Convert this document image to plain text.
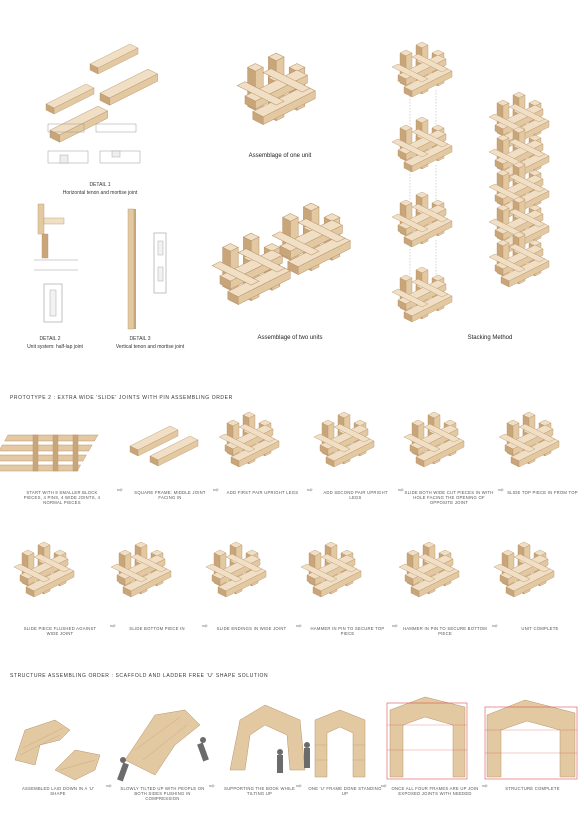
DETAIL 1
Horizontal tenon and mortise joint
DETAIL 2
Unit system: half-lap joint
DETAIL 3
Vertical tenon and mortise joint
Assemblage of one unit
Assemblage of two units	Stacking Method
PROTOTYPE 2 : EXTRA WIDE 'SLIDE' JOINTS WITH PIN ASSEMBLING ORDER
START WITH 8 SMALLER BLOCK PIECES, 4 PINS, 4 WIDE JOINTS, 4 NORMAL PIECES
SQUARE FRAME: MIDDLE JOINT FACING IN
ADD FIRST PAIR UPRIGHT LEGS	ADD SECOND PAIR UPRIGHT LEGS
SLIDE BOTH WIDE CUT PIECES IN WITH HOLE FACING THE OPENING OF OPPOSITE JOINT
SLIDE TOP PIECE IN FROM TOP
⇨	⇨	⇨	⇨	⇨
SLIDE PIECE FLUSHED AGAINST WIDE JOINT
SLIDE BOTTOM PIECE IN	SLIDE ENDINGS IN WIDE JOINT	HAMMER IN PIN TO SECURE TOP PIECE
HAMMER IN PIN TO SECURE BOTTOM PIECE
UNIT COMPLETE
⇨	⇨	⇨	⇨	⇨
STRUCTURE ASSEMBLING ORDER : SCAFFOLD AND LADDER FREE 'U' SHAPE SOLUTION
ASSEMBLED LAID DOWN IN A 'U' SHAPE
SLOWLY TILTED UP WITH PEOPLE ON BOTH SIDES PUSHING IN COMPRESSION
SUPPORTING THE BOOK WHILE TILTING UP
ONE 'U' FRAME DONE STANDING UP
ONCE ALL FOUR FRAMES ARE UP JOIN EXPOSED JOINTS WITH NEEDED
STRUCTURE COMPLETE
⇨	⇨	⇨	⇨	⇨
